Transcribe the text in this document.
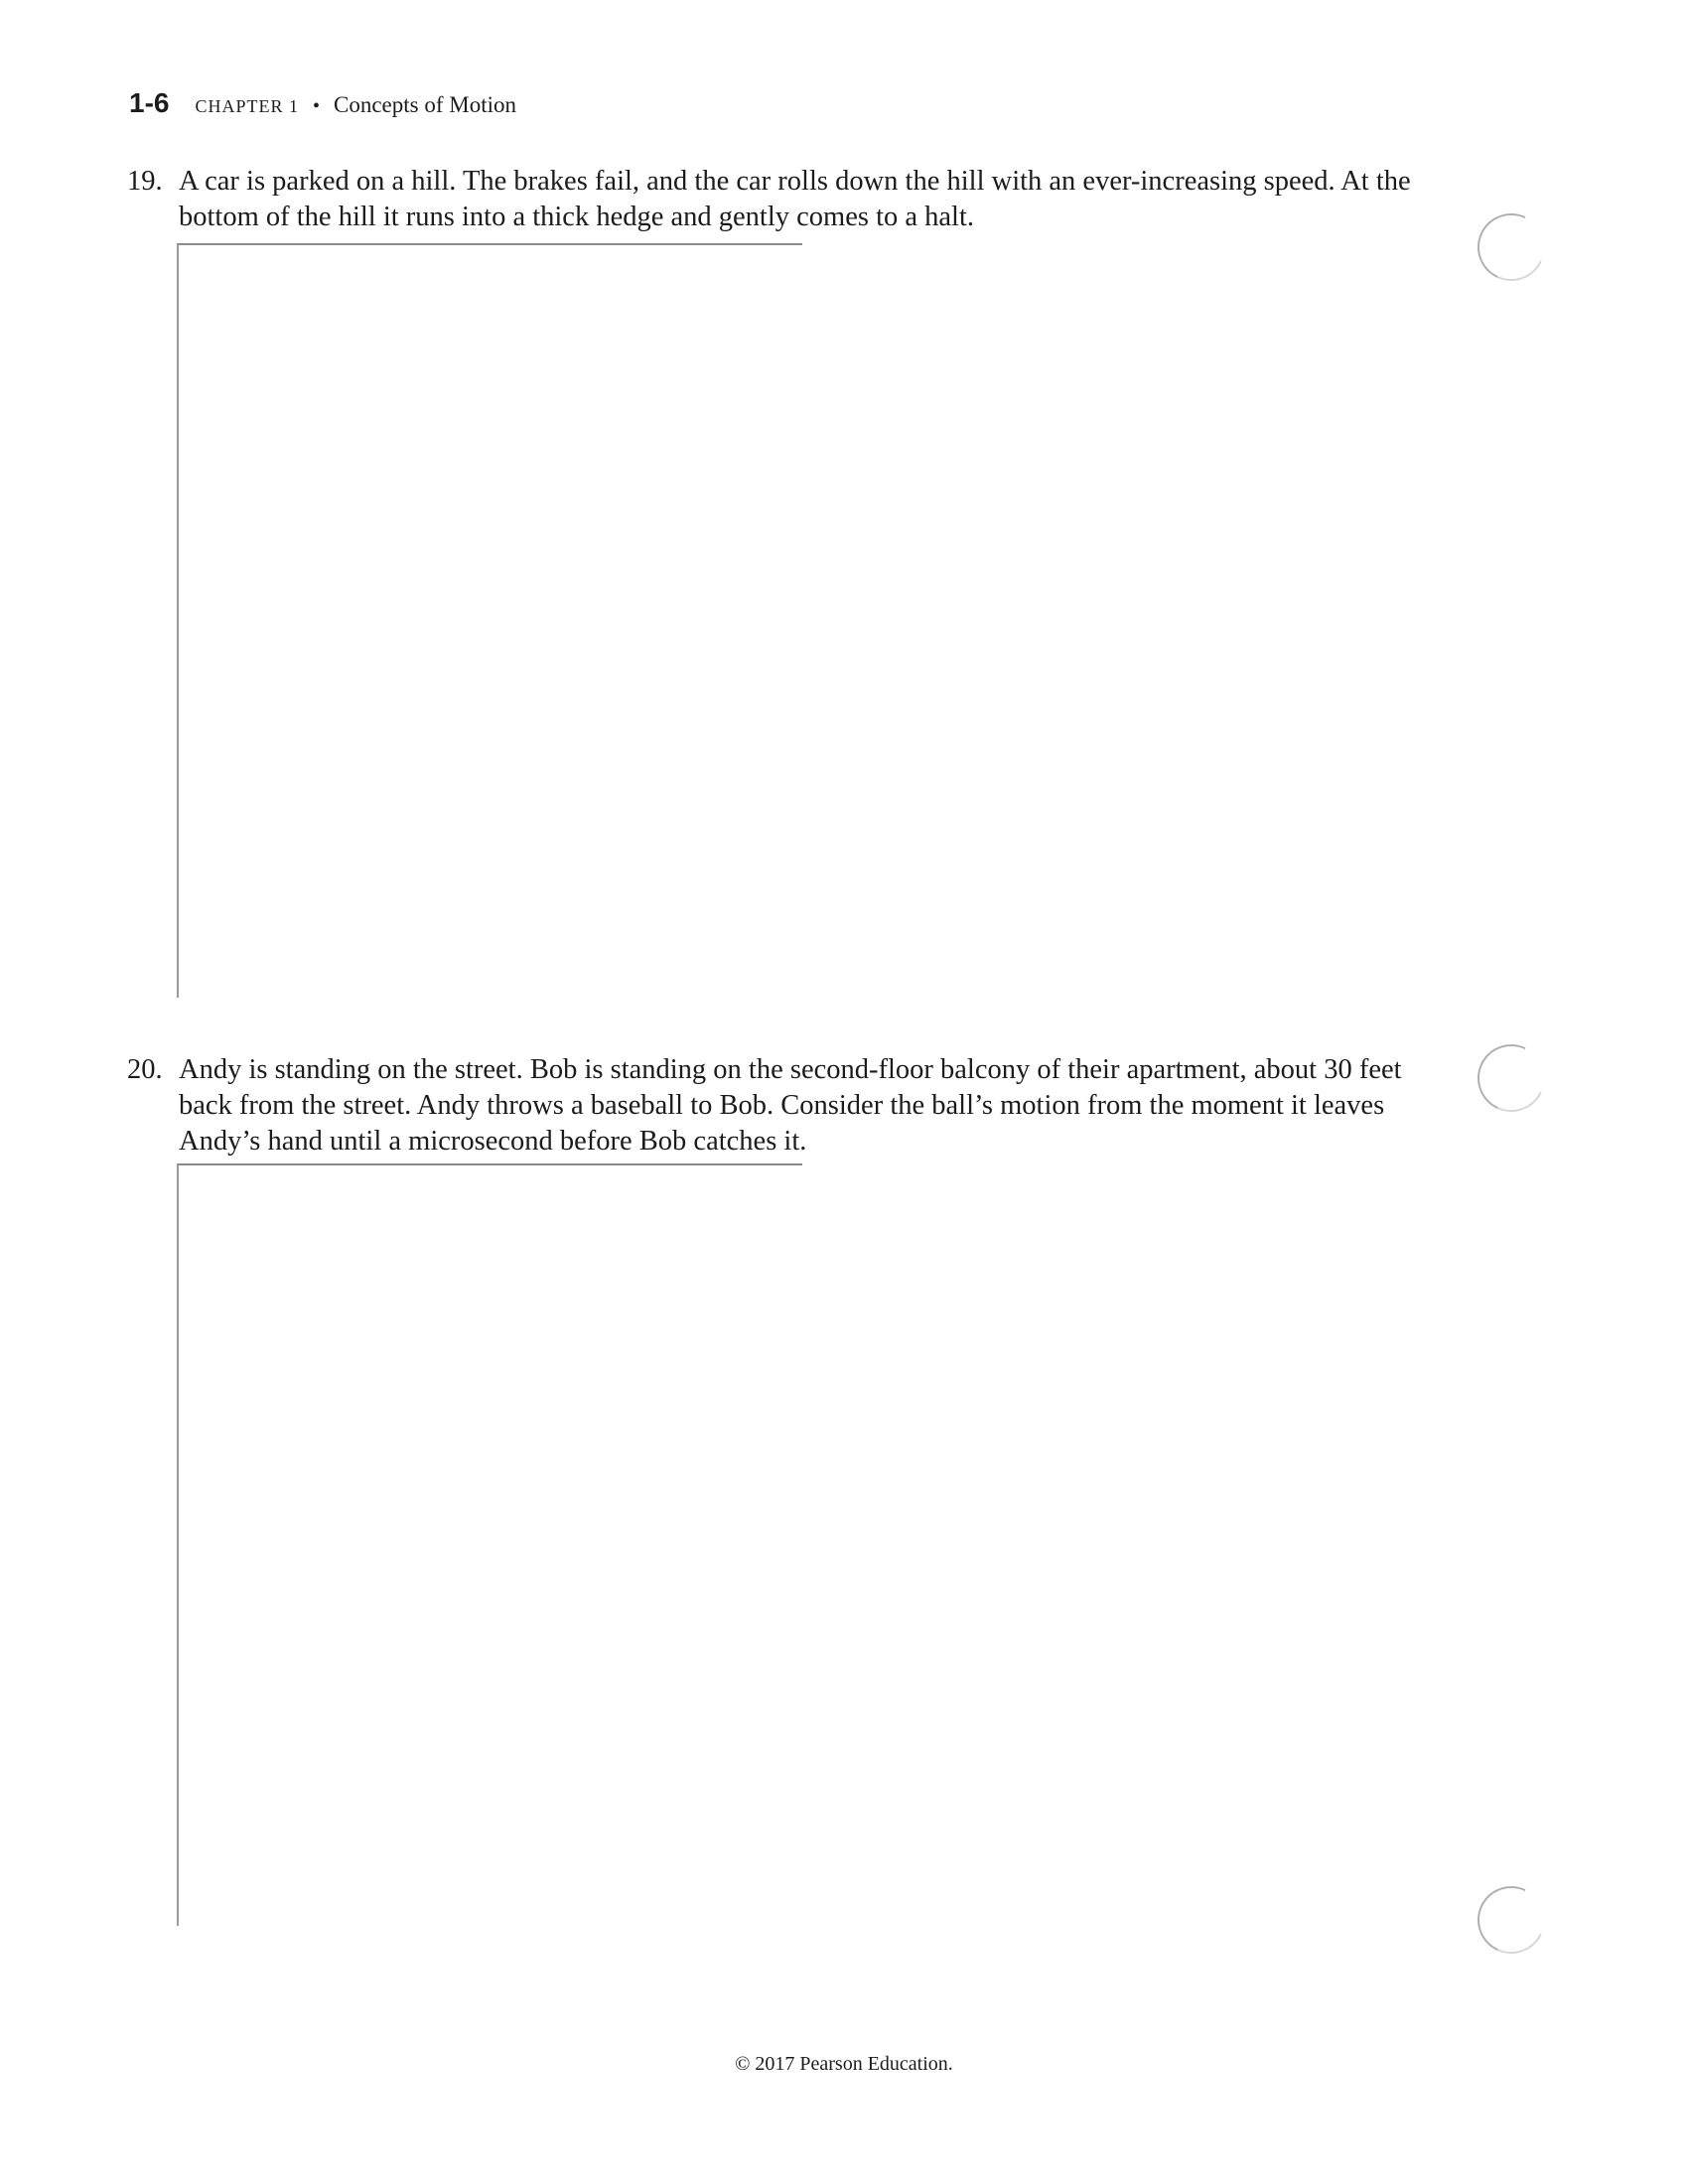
1-6 CHAPTER 1 • Concepts of Motion
19. A car is parked on a hill. The brakes fail, and the car rolls down the hill with an ever-increasing speed. At the bottom of the hill it runs into a thick hedge and gently comes to a halt.
20. Andy is standing on the street. Bob is standing on the second-floor balcony of their apartment, about 30 feet back from the street. Andy throws a baseball to Bob. Consider the ball’s motion from the moment it leaves Andy’s hand until a microsecond before Bob catches it.
© 2017 Pearson Education.
